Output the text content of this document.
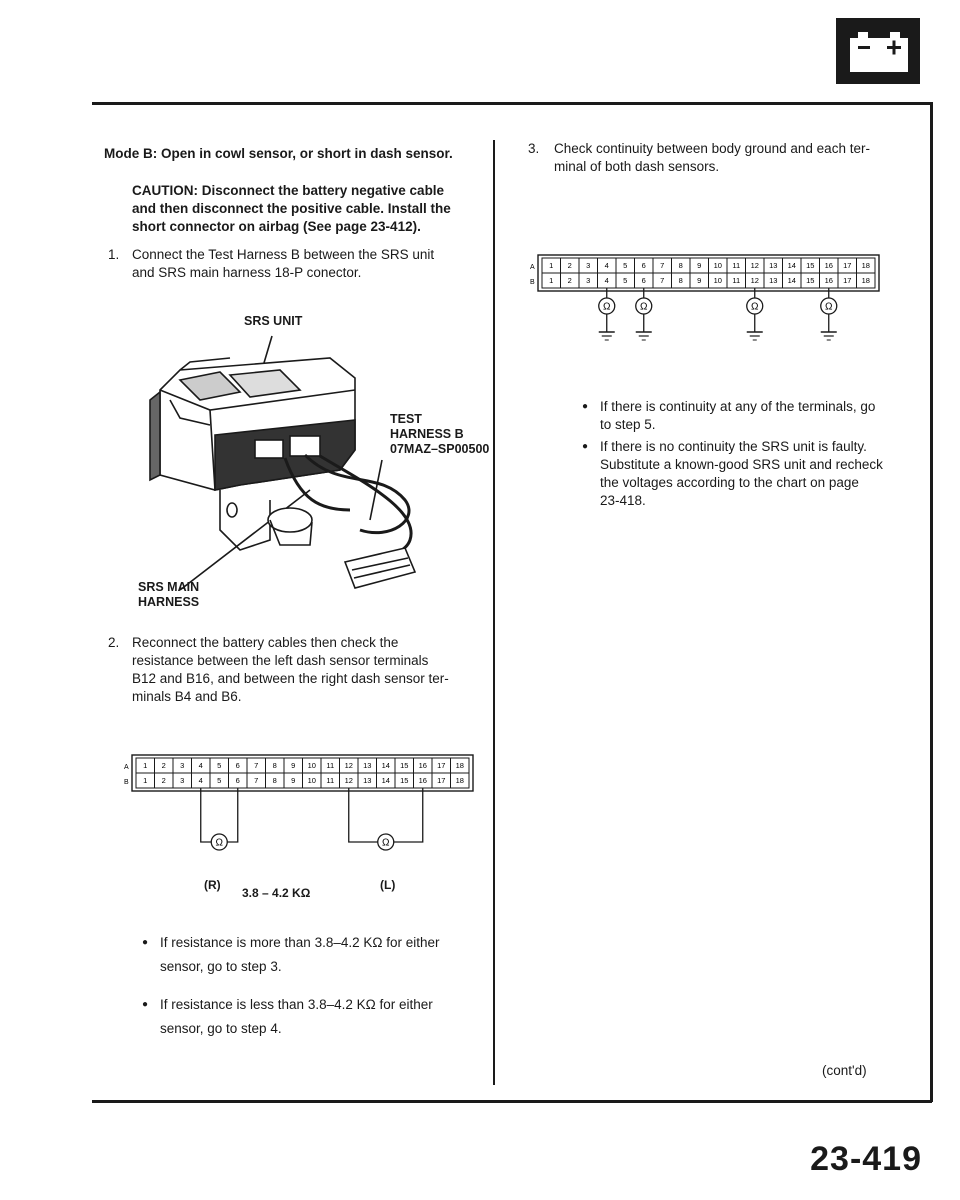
Mode B: Open in cowl sensor, or short in dash sensor.
CAUTION: Disconnect the battery negative cable
and then disconnect the positive cable. Install the
short connector on airbag (See page 23-412).
1. Connect the Test Harness B between the SRS unit
and SRS main harness 18-P conector.
SRS UNIT
TEST
HARNESS B
07MAZ–SP00500
SRS MAIN
HARNESS
2. Reconnect the battery cables then check the
resistance between the left dash sensor terminals
B12 and B16, and between the right dash sensor ter-
minals B4 and B6.
A
B
1 2 3 4 5 6 7 8 9 10 11 12 13 14 15 16 17 18
1 2 3 4 5 6 7 8 9 10 11 12 13 14 15 16 17 18
Ω	Ω
(R)	(L)
3.8 – 4.2 KΩ
● If resistance is more than 3.8–4.2 KΩ for either
sensor, go to step 3.
● If resistance is less than 3.8–4.2 KΩ for either
sensor, go to step 4.
3. Check continuity between body ground and each ter-
minal of both dash sensors.
A
B
1 2 3 4 5 6 7 8 9 10 11 12 13 14 15 16 17 18
1 2 3 4 5 6 7 8 9 10 11 12 13 14 15 16 17 18
Ω	Ω	Ω	Ω
● If there is continuity at any of the terminals, go
to step 5.
● If there is no continuity the SRS unit is faulty.
Substitute a known-good SRS unit and recheck
the voltages according to the chart on page
23-418.
(cont'd)
23-419
